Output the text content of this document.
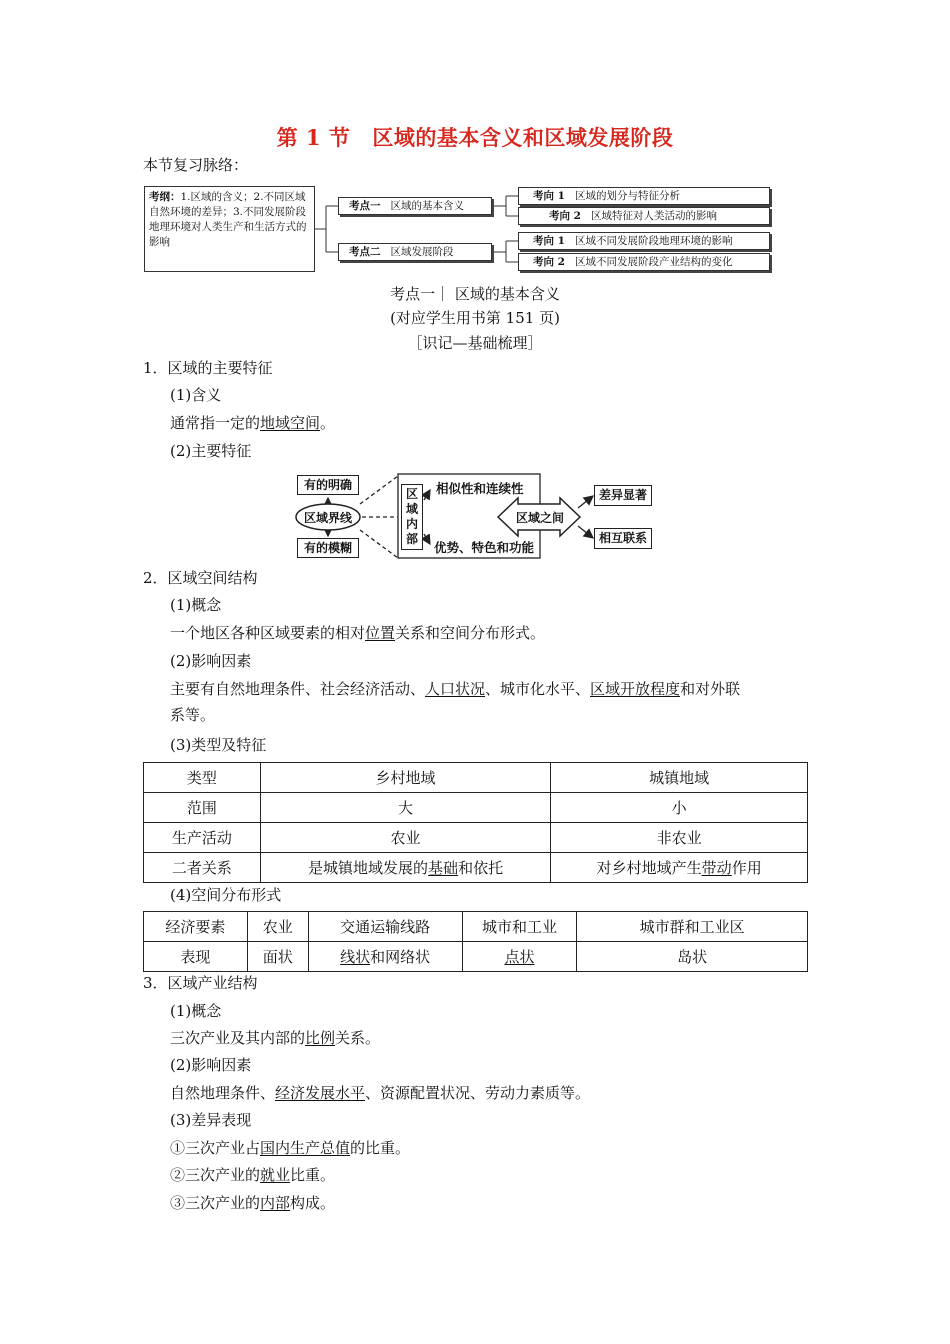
第 1 节 区域的基本含义和区域发展阶段
本节复习脉络：
考纲：1.区域的含义；2.不同区域自然环境的差异；3.不同发展阶段地理环境对人类生产和生活方式的影响
考点一 区域的基本含义
考点二 区域发展阶段
考向 1 区域的划分与特征分析
考向 2 区域特征对人类活动的影响
考向 1 区域不同发展阶段地理环境的影响
考向 2 区域不同发展阶段产业结构的变化
考点一｜ 区域的基本含义
(对应学生用书第 151 页)
［识记—基础梳理］
1．区域的主要特征
(1)含义
通常指一定的地域空间。
(2)主要特征
有的明确
区域界线
有的模糊
区域内部
相似性和连续性
优势、特色和功能
区域之间
差异显著
相互联系
2．区域空间结构
(1)概念
一个地区各种区域要素的相对位置关系和空间分布形式。
(2)影响因素
主要有自然地理条件、社会经济活动、人口状况、城市化水平、区域开放程度和对外联
系等。
(3)类型及特征
类型	乡村地域	城镇地域
范围	大	小
生产活动	农业	非农业
二者关系	是城镇地域发展的基础和依托	对乡村地域产生带动作用
(4)空间分布形式
经济要素	农业	交通运输线路	城市和工业	城市群和工业区
表现	面状	线状和网络状	点状	岛状
3．区域产业结构
(1)概念
三次产业及其内部的比例关系。
(2)影响因素
自然地理条件、经济发展水平、资源配置状况、劳动力素质等。
(3)差异表现
①三次产业占国内生产总值的比重。
②三次产业的就业比重。
③三次产业的内部构成。
